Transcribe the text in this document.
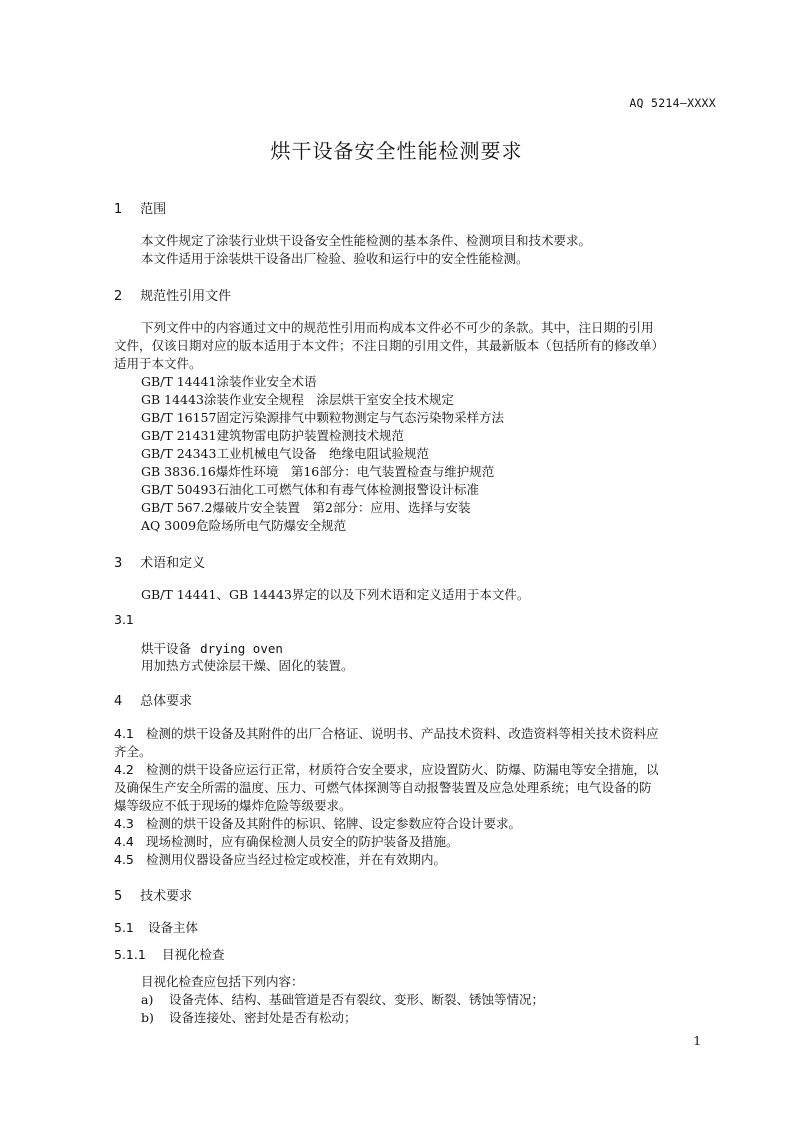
AQ 5214—XXXX
烘干设备安全性能检测要求
1 范围
本文件规定了涂装行业烘干设备安全性能检测的基本条件、检测项目和技术要求。
本文件适用于涂装烘干设备出厂检验、验收和运行中的安全性能检测。
2 规范性引用文件
下列文件中的内容通过文中的规范性引用而构成本文件必不可少的条款。其中，注日期的引用
文件，仅该日期对应的版本适用于本文件；不注日期的引用文件，其最新版本（包括所有的修改单）
适用于本文件。
GB/T 14441涂装作业安全术语
GB 14443涂装作业安全规程　涂层烘干室安全技术规定
GB/T 16157固定污染源排气中颗粒物测定与气态污染物采样方法
GB/T 21431建筑物雷电防护装置检测技术规范
GB/T 24343工业机械电气设备　绝缘电阻试验规范
GB 3836.16爆炸性环境　第16部分：电气装置检查与维护规范
GB/T 50493石油化工可燃气体和有毒气体检测报警设计标准
GB/T 567.2爆破片安全装置　第2部分：应用、选择与安装
AQ 3009危险场所电气防爆安全规范
3 术语和定义
GB/T 14441、GB 14443界定的以及下列术语和定义适用于本文件。
3.1
烘干设备 drying oven
用加热方式使涂层干燥、固化的装置。
4 总体要求
4.1 检测的烘干设备及其附件的出厂合格证、说明书、产品技术资料、改造资料等相关技术资料应
齐全。
4.2 检测的烘干设备应运行正常，材质符合安全要求，应设置防火、防爆、防漏电等安全措施，以
及确保生产安全所需的温度、压力、可燃气体探测等自动报警装置及应急处理系统；电气设备的防
爆等级应不低于现场的爆炸危险等级要求。
4.3 检测的烘干设备及其附件的标识、铭牌、设定参数应符合设计要求。
4.4 现场检测时，应有确保检测人员安全的防护装备及措施。
4.5 检测用仪器设备应当经过检定或校准，并在有效期内。
5 技术要求
5.1 设备主体
5.1.1 目视化检查
目视化检查应包括下列内容：
a) 设备壳体、结构、基础管道是否有裂纹、变形、断裂、锈蚀等情况；
b) 设备连接处、密封处是否有松动；
1
